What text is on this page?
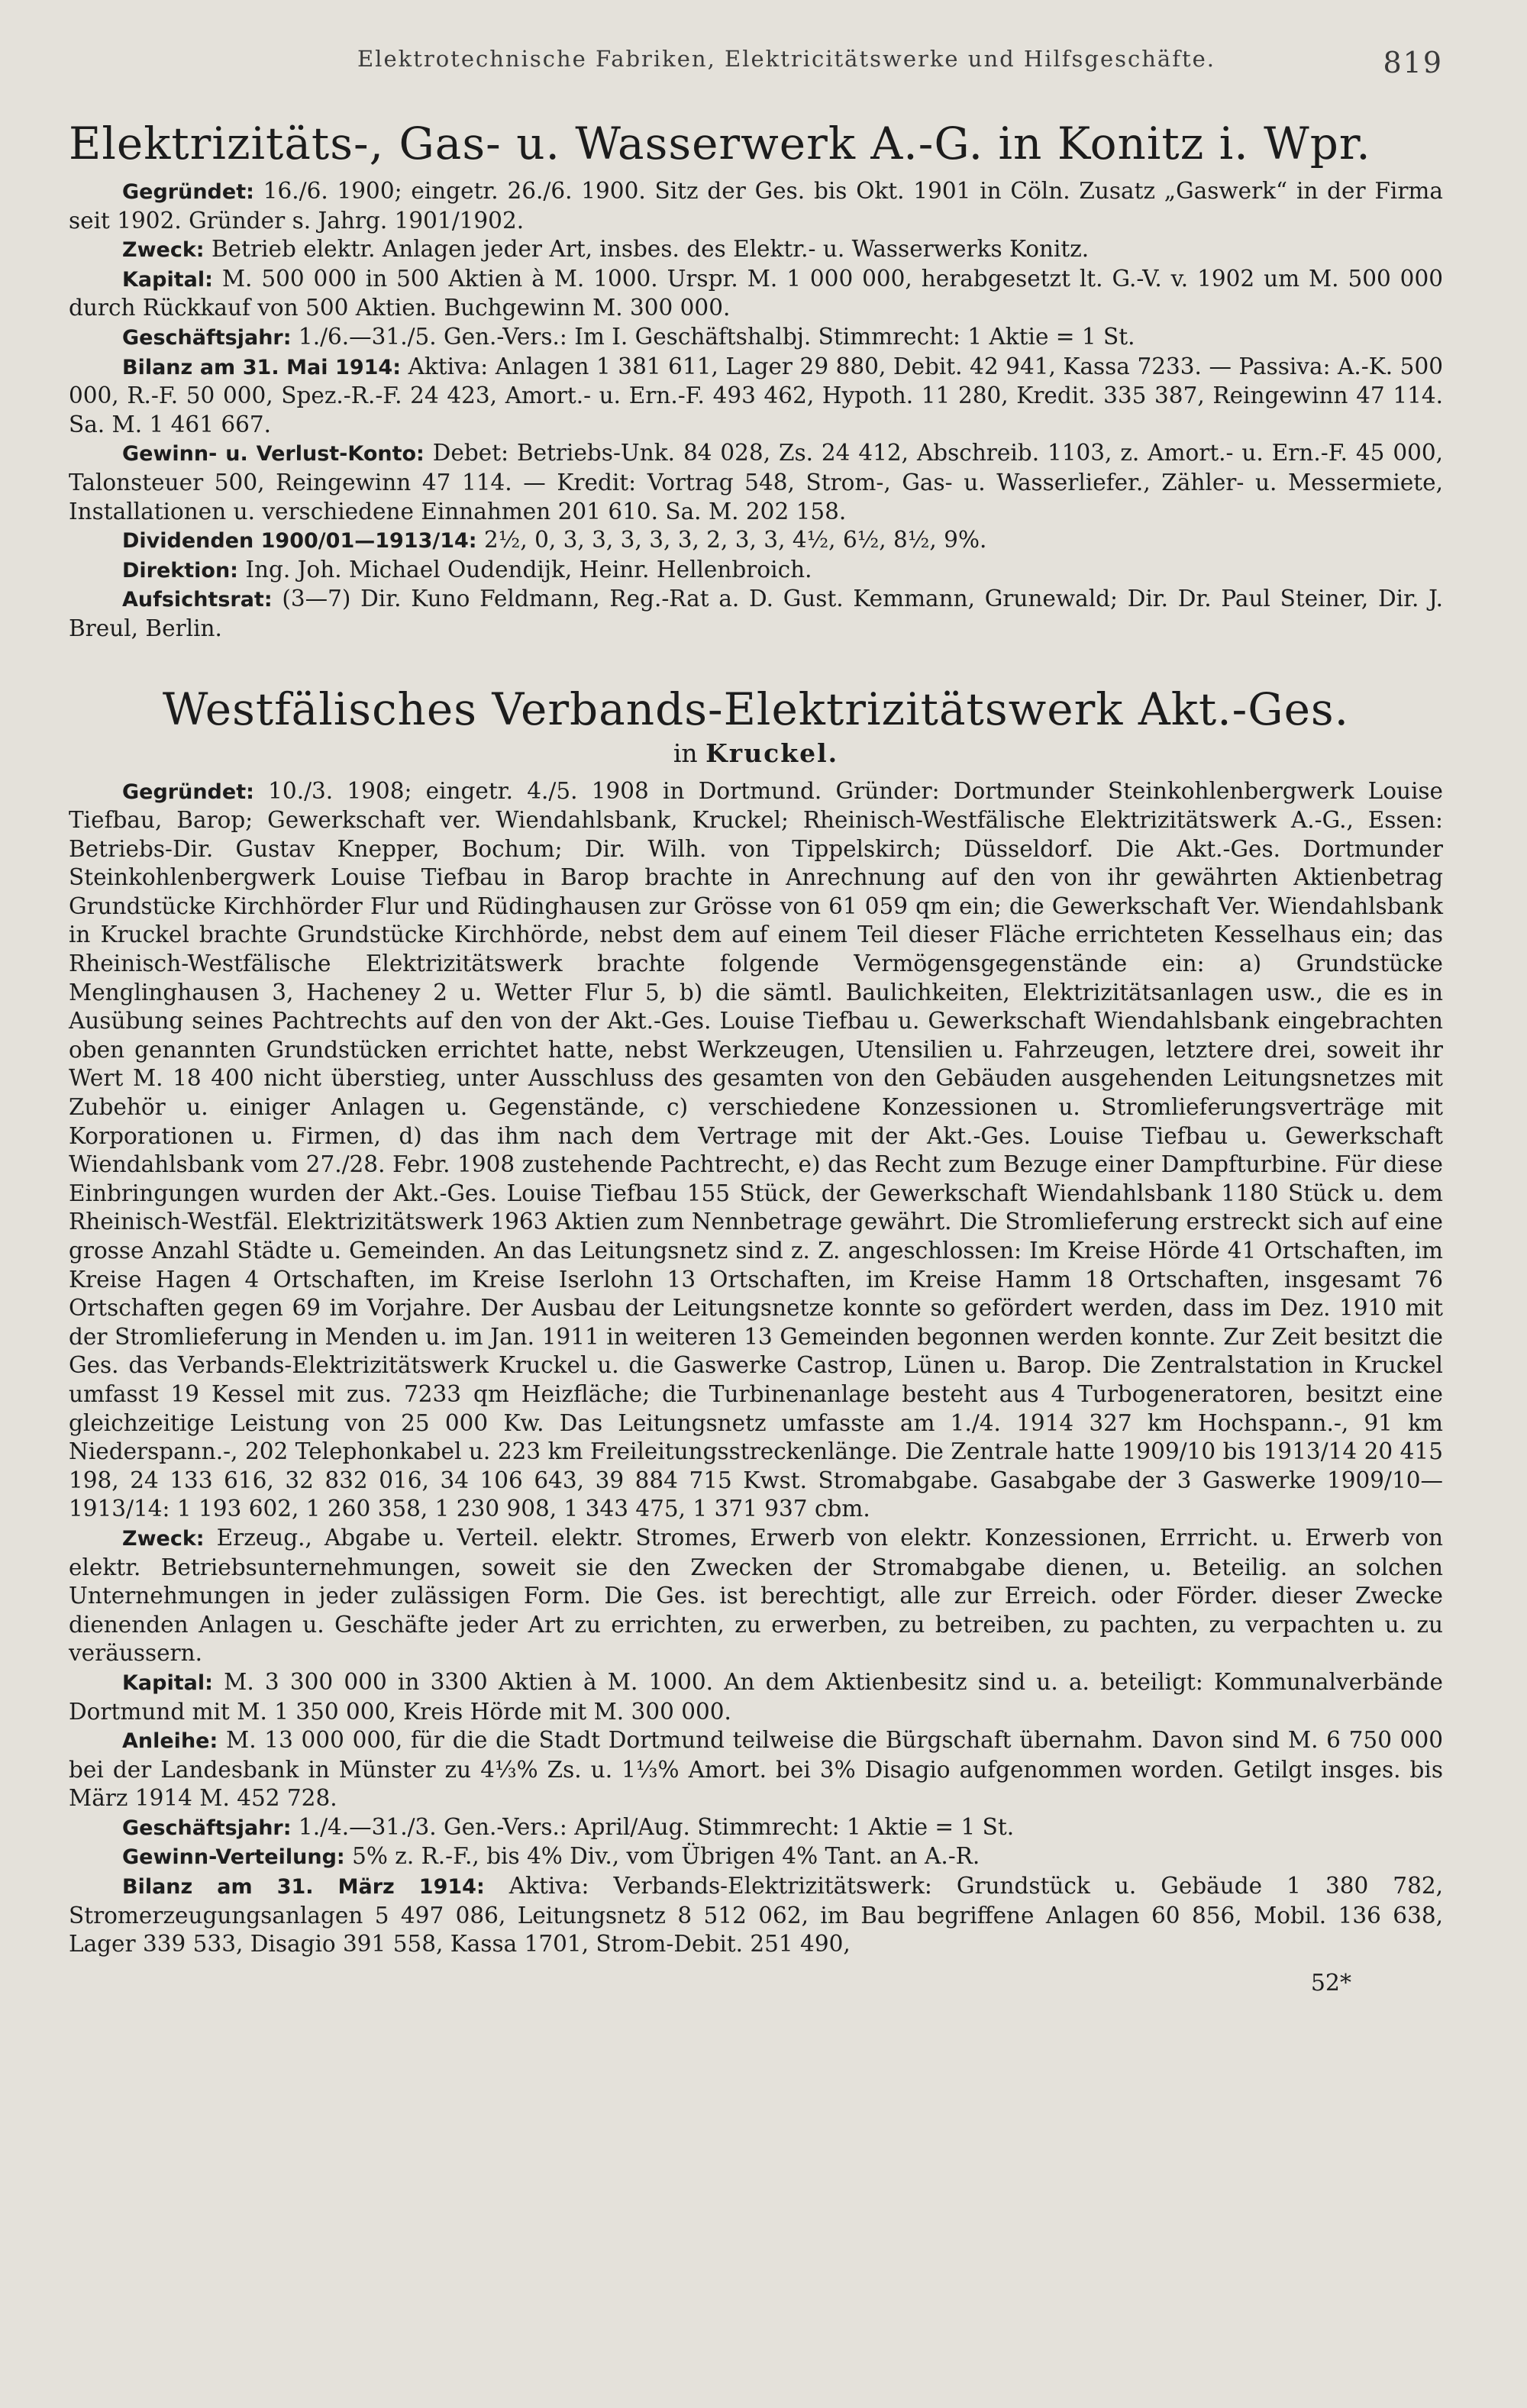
Elektrotechnische Fabriken, Elektricitätswerke und Hilfsgeschäfte.	819
Elektrizitäts-, Gas- u. Wasserwerk A.-G. in Konitz i. Wpr.

Gegründet: 16./6. 1900; eingetr. 26./6. 1900. Sitz der Ges. bis Okt. 1901 in Cöln. Zusatz „Gaswerk“ in der Firma seit 1902. Gründer s. Jahrg. 1901/1902.

Zweck: Betrieb elektr. Anlagen jeder Art, insbes. des Elektr.- u. Wasserwerks Konitz.

Kapital: M. 500 000 in 500 Aktien à M. 1000. Urspr. M. 1 000 000, herabgesetzt lt. G.-V. v. 1902 um M. 500 000 durch Rückkauf von 500 Aktien. Buchgewinn M. 300 000.

Geschäftsjahr: 1./6.—31./5. Gen.-Vers.: Im I. Geschäftshalbj. Stimmrecht: 1 Aktie = 1 St.

Bilanz am 31. Mai 1914: Aktiva: Anlagen 1 381 611, Lager 29 880, Debit. 42 941, Kassa 7233. — Passiva: A.-K. 500 000, R.-F. 50 000, Spez.-R.-F. 24 423, Amort.- u. Ern.-F. 493 462, Hypoth. 11 280, Kredit. 335 387, Reingewinn 47 114. Sa. M. 1 461 667.

Gewinn- u. Verlust-Konto: Debet: Betriebs-Unk. 84 028, Zs. 24 412, Abschreib. 1103, z. Amort.- u. Ern.-F. 45 000, Talonsteuer 500, Reingewinn 47 114. — Kredit: Vortrag 548, Strom-, Gas- u. Wasserliefer., Zähler- u. Messermiete, Installationen u. verschiedene Einnahmen 201 610. Sa. M. 202 158.

Dividenden 1900/01—1913/14: 2½, 0, 3, 3, 3, 3, 3, 2, 3, 3, 4½, 6½, 8½, 9%.

Direktion: Ing. Joh. Michael Oudendijk, Heinr. Hellenbroich.

Aufsichtsrat: (3—7) Dir. Kuno Feldmann, Reg.-Rat a. D. Gust. Kemmann, Grunewald; Dir. Dr. Paul Steiner, Dir. J. Breul, Berlin.

Westfälisches Verbands-Elektrizitätswerk Akt.-Ges.
in Kruckel.

Gegründet: 10./3. 1908; eingetr. 4./5. 1908 in Dortmund. Gründer: Dortmunder Steinkohlenbergwerk Louise Tiefbau, Barop; Gewerkschaft ver. Wiendahlsbank, Kruckel; Rheinisch-Westfälische Elektrizitätswerk A.-G., Essen: Betriebs-Dir. Gustav Knepper, Bochum; Dir. Wilh. von Tippelskirch; Düsseldorf. Die Akt.-Ges. Dortmunder Steinkohlenbergwerk Louise Tiefbau in Barop brachte in Anrechnung auf den von ihr gewährten Aktienbetrag Grundstücke Kirchhörder Flur und Rüdinghausen zur Grösse von 61 059 qm ein; die Gewerkschaft Ver. Wiendahlsbank in Kruckel brachte Grundstücke Kirchhörde, nebst dem auf einem Teil dieser Fläche errichteten Kesselhaus ein; das Rheinisch-Westfälische Elektrizitätswerk brachte folgende Vermögensgegenstände ein: a) Grundstücke Menglinghausen 3, Hacheney 2 u. Wetter Flur 5, b) die sämtl. Baulichkeiten, Elektrizitätsanlagen usw., die es in Ausübung seines Pachtrechts auf den von der Akt.-Ges. Louise Tiefbau u. Gewerkschaft Wiendahlsbank eingebrachten oben genannten Grundstücken errichtet hatte, nebst Werkzeugen, Utensilien u. Fahrzeugen, letztere drei, soweit ihr Wert M. 18 400 nicht überstieg, unter Ausschluss des gesamten von den Gebäuden ausgehenden Leitungsnetzes mit Zubehör u. einiger Anlagen u. Gegenstände, c) verschiedene Konzessionen u. Stromlieferungsverträge mit Korporationen u. Firmen, d) das ihm nach dem Vertrage mit der Akt.-Ges. Louise Tiefbau u. Gewerkschaft Wiendahlsbank vom 27./28. Febr. 1908 zustehende Pachtrecht, e) das Recht zum Bezuge einer Dampfturbine. Für diese Einbringungen wurden der Akt.-Ges. Louise Tiefbau 155 Stück, der Gewerkschaft Wiendahlsbank 1180 Stück u. dem Rheinisch-Westfäl. Elektrizitätswerk 1963 Aktien zum Nennbetrage gewährt. Die Stromlieferung erstreckt sich auf eine grosse Anzahl Städte u. Gemeinden. An das Leitungsnetz sind z. Z. angeschlossen: Im Kreise Hörde 41 Ortschaften, im Kreise Hagen 4 Ortschaften, im Kreise Iserlohn 13 Ortschaften, im Kreise Hamm 18 Ortschaften, insgesamt 76 Ortschaften gegen 69 im Vorjahre. Der Ausbau der Leitungsnetze konnte so gefördert werden, dass im Dez. 1910 mit der Stromlieferung in Menden u. im Jan. 1911 in weiteren 13 Gemeinden begonnen werden konnte. Zur Zeit besitzt die Ges. das Verbands-Elektrizitätswerk Kruckel u. die Gaswerke Castrop, Lünen u. Barop. Die Zentralstation in Kruckel umfasst 19 Kessel mit zus. 7233 qm Heizfläche; die Turbinenanlage besteht aus 4 Turbogeneratoren, besitzt eine gleichzeitige Leistung von 25 000 Kw. Das Leitungsnetz umfasste am 1./4. 1914 327 km Hochspann.-, 91 km Niederspann.-, 202 Telephonkabel u. 223 km Freileitungsstreckenlänge. Die Zentrale hatte 1909/10 bis 1913/14 20 415 198, 24 133 616, 32 832 016, 34 106 643, 39 884 715 Kwst. Stromabgabe. Gasabgabe der 3 Gaswerke 1909/10—1913/14: 1 193 602, 1 260 358, 1 230 908, 1 343 475, 1 371 937 cbm.

Zweck: Erzeug., Abgabe u. Verteil. elektr. Stromes, Erwerb von elektr. Konzessionen, Errricht. u. Erwerb von elektr. Betriebsunternehmungen, soweit sie den Zwecken der Stromabgabe dienen, u. Beteilig. an solchen Unternehmungen in jeder zulässigen Form. Die Ges. ist berechtigt, alle zur Erreich. oder Förder. dieser Zwecke dienenden Anlagen u. Geschäfte jeder Art zu errichten, zu erwerben, zu betreiben, zu pachten, zu verpachten u. zu veräussern.

Kapital: M. 3 300 000 in 3300 Aktien à M. 1000. An dem Aktienbesitz sind u. a. beteiligt: Kommunalverbände Dortmund mit M. 1 350 000, Kreis Hörde mit M. 300 000.

Anleihe: M. 13 000 000, für die die Stadt Dortmund teilweise die Bürgschaft übernahm. Davon sind M. 6 750 000 bei der Landesbank in Münster zu 4⅓% Zs. u. 1⅓% Amort. bei 3% Disagio aufgenommen worden. Getilgt insges. bis März 1914 M. 452 728.

Geschäftsjahr: 1./4.—31./3. Gen.-Vers.: April/Aug. Stimmrecht: 1 Aktie = 1 St.

Gewinn-Verteilung: 5% z. R.-F., bis 4% Div., vom Übrigen 4% Tant. an A.-R.

Bilanz am 31. März 1914: Aktiva: Verbands-Elektrizitätswerk: Grundstück u. Gebäude 1 380 782, Stromerzeugungsanlagen 5 497 086, Leitungsnetz 8 512 062, im Bau begriffene Anlagen 60 856, Mobil. 136 638, Lager 339 533, Disagio 391 558, Kassa 1701, Strom-Debit. 251 490,

52*
